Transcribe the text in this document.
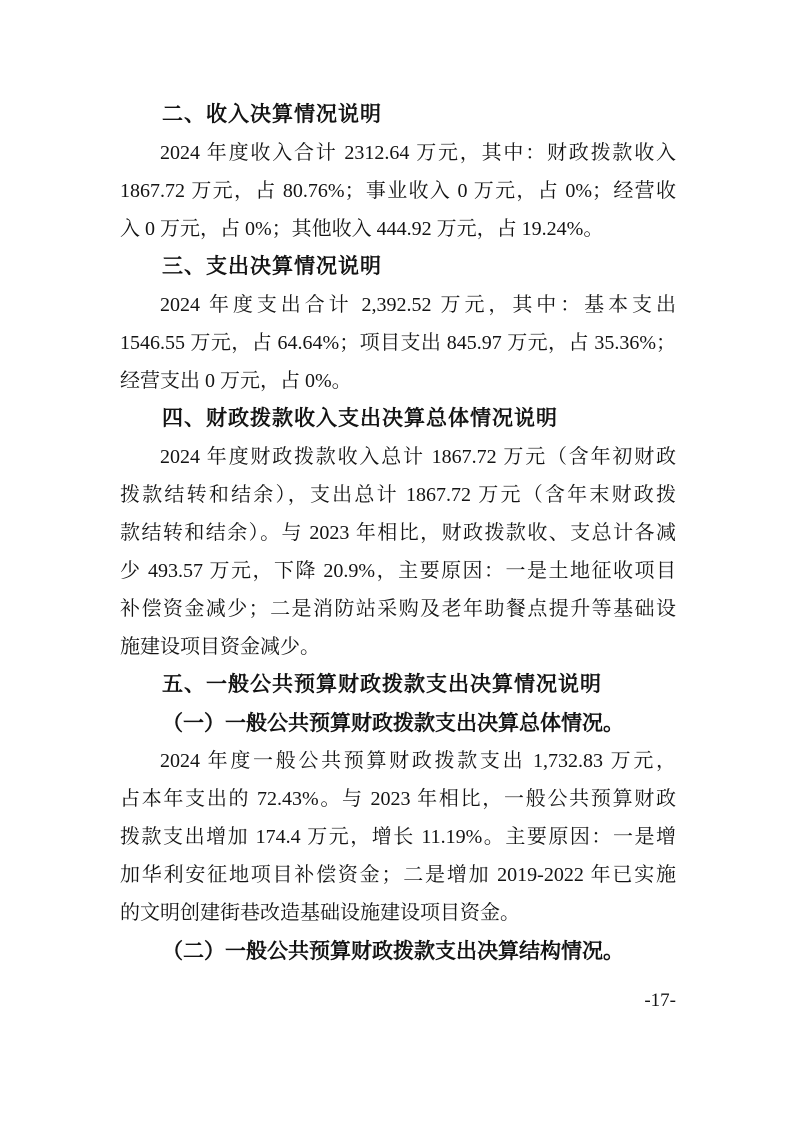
二、收入决算情况说明
2024 年度收入合计 2312.64 万元，其中：财政拨款收入
1867.72 万元，占 80.76%；事业收入 0 万元，占 0%；经营收
入 0 万元，占 0%；其他收入 444.92 万元，占 19.24%。
三、支出决算情况说明
2024 年度支出合计 2,392.52 万元，其中：基本支出
1546.55 万元，占 64.64%；项目支出 845.97 万元，占 35.36%；
经营支出 0 万元，占 0%。
四、财政拨款收入支出决算总体情况说明
2024 年度财政拨款收入总计 1867.72 万元（含年初财政
拨款结转和结余），支出总计 1867.72 万元（含年末财政拨
款结转和结余）。与 2023 年相比，财政拨款收、支总计各减
少 493.57 万元，下降 20.9%，主要原因：一是土地征收项目
补偿资金减少；二是消防站采购及老年助餐点提升等基础设
施建设项目资金减少。
五、一般公共预算财政拨款支出决算情况说明
（一）一般公共预算财政拨款支出决算总体情况。
2024 年度一般公共预算财政拨款支出 1,732.83 万元，
占本年支出的 72.43%。与 2023 年相比，一般公共预算财政
拨款支出增加 174.4 万元，增长 11.19%。主要原因：一是增
加华利安征地项目补偿资金；二是增加 2019-2022 年已实施
的文明创建街巷改造基础设施建设项目资金。
（二）一般公共预算财政拨款支出决算结构情况。
-17-
